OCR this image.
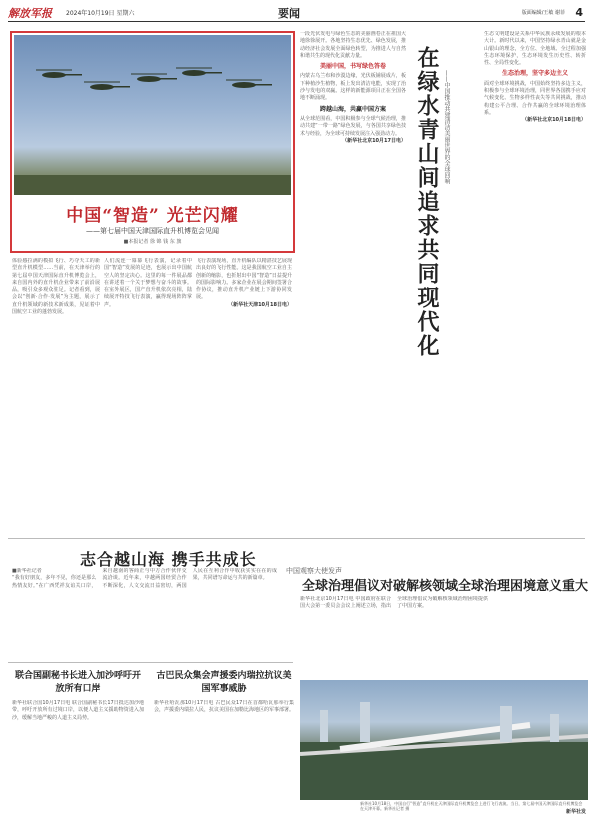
解放军报	2024年10月19日 星期六	要闻	版面编辑/王敏 谢菲 4
中国“智造” 光芒闪耀
——第七届中国天津国际直升机博览会见闻
■本报记者 徐 锦 钱 东 旗

体验感拉满的模拟飞行、巧夺天工的新型直升机模型……当前，在天津举行的第七届中国天津国际直升机博览会上，来自国内外的直升机企业带来了前沿展品，吸引众多观众驻足。记者看到，展会以“创新·合作·发展”为主题，展示了直升机领域的新技术新成果，见证着中国航空工业的蓬勃发展。

人们流连一幕幕飞行表演，记录着中国“智造”发展的足迹，也展示出中国航空人的坚定决心。这里的每一件展品都在讲述着一个关于梦想与奋斗的故事。在室外展区，国产直升机依次亮相，陆续展开特技飞行表演，赢得现场阵阵掌声。

飞行表演现场，直升机编队以精湛技艺展现出良好的飞行性能。这是我国航空工业自主创新的缩影，也折射出中国“智造”日益提升的国际影响力。多家企业在展会期间签署合作协议，推动直升机产业链上下游协同发展。

（新华社天津10月18日电）

一段光伏发电与绿色生态的美丽画卷正在祖国大地徐徐展开。各地坚持生态优先、绿色发展，推动经济社会发展全面绿色转型，为推进人与自然和谐共生的现代化贡献力量。

美丽中国，书写绿色答卷

内蒙古乌兰布和沙漠边缘，光伏板铺展成片，板下种植沙生植物，板上发出清洁电能，实现了治沙与发电的双赢。这样的新能源项目正在全国各地不断涌现。

跨越山海，共赢中国方案

从全球范围看，中国积极参与全球气候治理，推动共建“一带一路”绿色发展，与各国共享绿色技术与经验，为全球可持续发展注入强劲动力。

（新华社北京10月17日电） 在绿水青山间追求共同现代化 ——中国推动共建清洁美丽世界的全球回响

生态文明建设是关系中华民族永续发展的根本大计。新时代以来，中国坚持绿水青山就是金山银山的理念，全方位、全地域、全过程加强生态环境保护，生态环境发生历史性、转折性、全局性变化。

生态治理，坚守多边主义

面对全球环境挑战，中国始终坚持多边主义，积极参与全球环境治理，同世界各国携手应对气候变化、生物多样性丧失等共同挑战，推动构建公平合理、合作共赢的全球环境治理体系。

（新华社北京10月18日电）
志合越山海 携手共成长
■新华社记者

“我有好朋友，多年不见，你还是那么热情友好。”在广西凭祥友谊关口岸，来自越南的客商正与中方合作伙伴交流洽谈。近年来，中越两国经贸合作不断深化，人文交流日益密切，两国人民在互利合作中收获实实在在的成果，共同谱写命运与共的新篇章。

中国观察大使发声
全球治理倡议对破解核领域全球治理困境意义重大

新华社北京10月17日电 中国政府在联合国大会第一委员会会议上阐述立场，指出全球治理倡议为破解核领域治理困境提供了中国方案。

新华社10月18日，中国自行“智造”直升机在天津国际直升机博览会上进行飞行表演。当日，第七届中国天津国际直升机博览会在天津开幕。新华社记者 摄
新华社发
联合国副秘书长进入加沙呼吁开放所有口岸

新华社联合国10月17日电 联合国副秘书长17日抵达加沙地带，呼吁开放所有过境口岸，以便人道主义援助物资进入加沙，缓解当地严峻的人道主义局势。

古巴民众集会声援委内瑞拉抗议美国军事威胁

新华社哈瓦那10月17日电 古巴民众17日在首都哈瓦那举行集会，声援委内瑞拉人民，抗议美国在加勒比海地区的军事部署。
